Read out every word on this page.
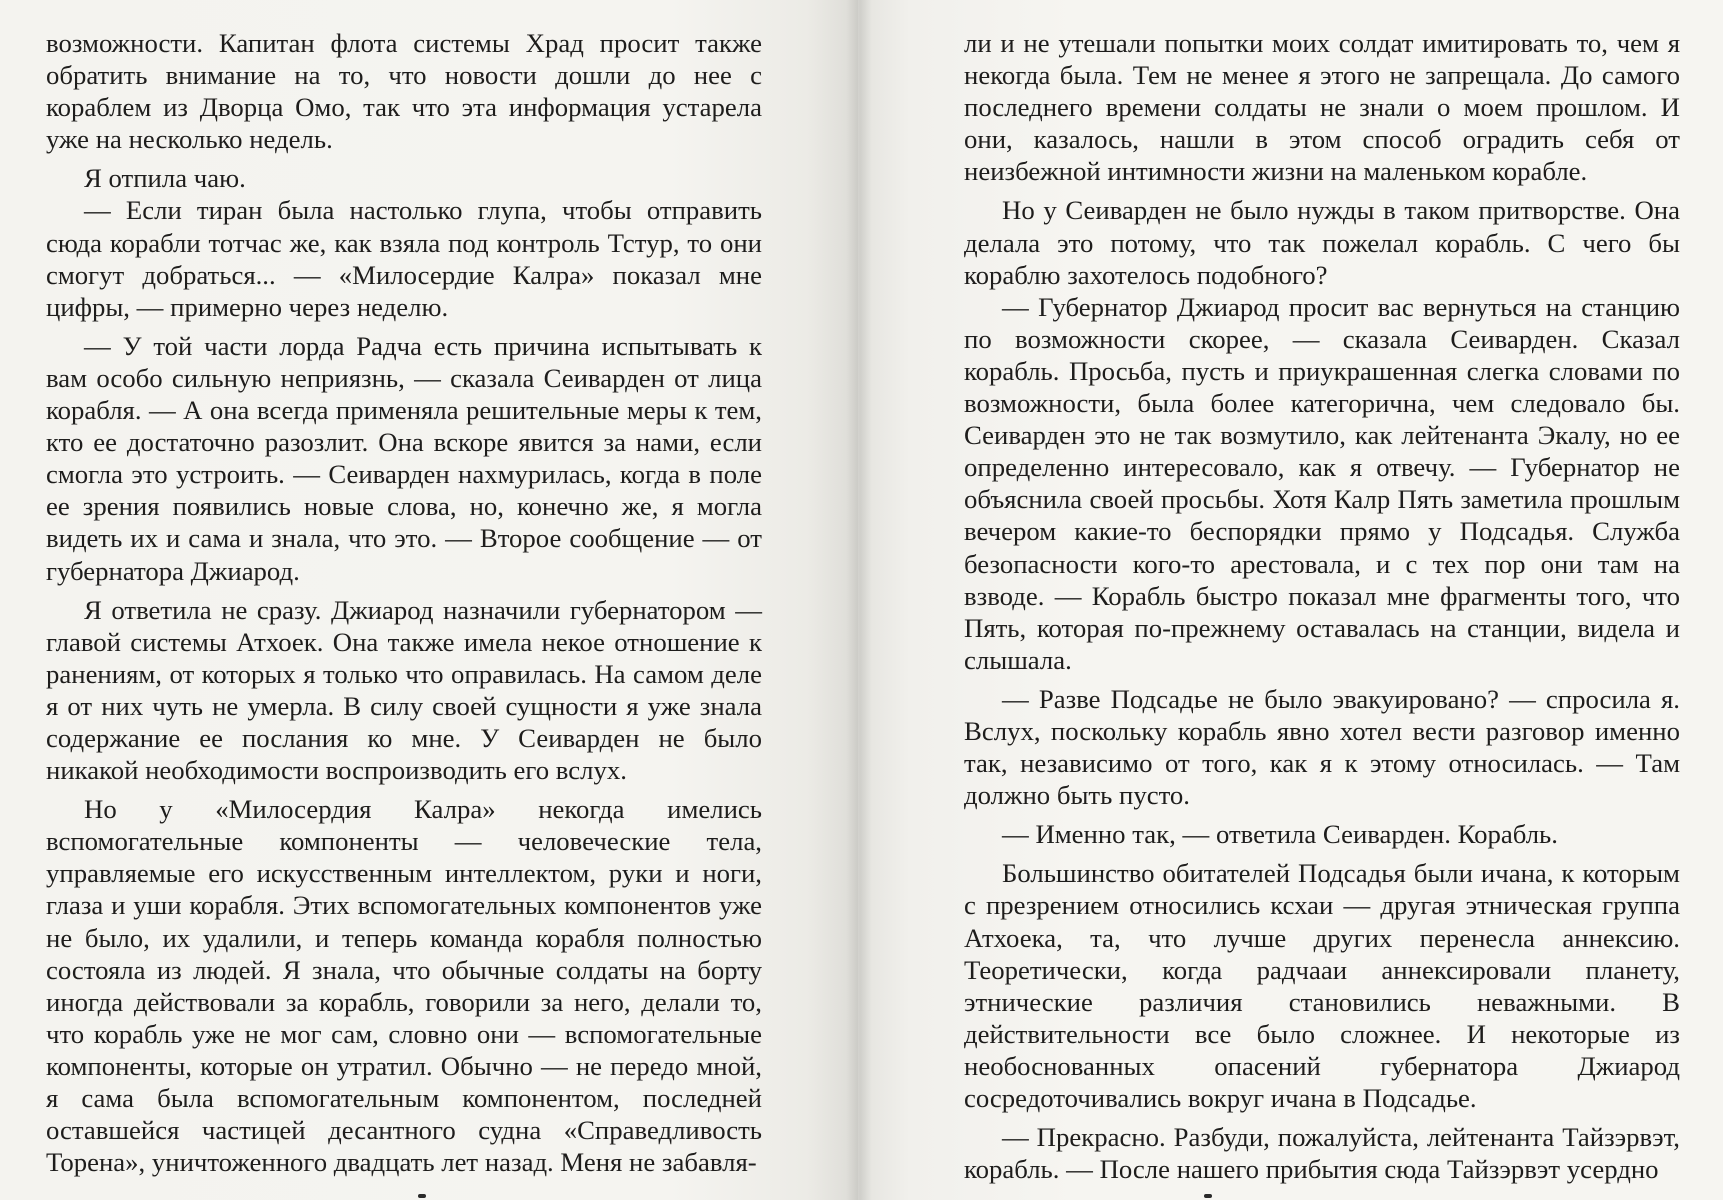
возможности. Капитан флота системы Храд просит также обратить внимание на то, что новости дошли до нее с кораблем из Дворца Омо, так что эта информация устарела уже на несколько недель.

Я отпила чаю.

— Если тиран была настолько глупа, чтобы отправить сюда корабли тотчас же, как взяла под контроль Тстур, то они смогут добраться... — «Милосердие Калра» показал мне цифры, — примерно через неделю.

— У той части лорда Радча есть причина испытывать к вам особо сильную неприязнь, — сказала Сеиварден от лица корабля. — А она всегда применяла решительные меры к тем, кто ее достаточно разозлит. Она вскоре явится за нами, если смогла это устроить. — Сеиварден нахмурилась, когда в поле ее зрения появились новые слова, но, конечно же, я могла видеть их и сама и знала, что это. — Второе сообщение — от губернатора Джиарод.

Я ответила не сразу. Джиарод назначили губернатором — главой системы Атхоек. Она также имела некое отношение к ранениям, от которых я только что оправилась. На самом деле я от них чуть не умерла. В силу своей сущности я уже знала содержание ее послания ко мне. У Сеиварден не было никакой необходимости воспроизводить его вслух.

Но у «Милосердия Калра» некогда имелись вспомогательные компоненты — человеческие тела, управляемые его искусственным интеллектом, руки и ноги, глаза и уши корабля. Этих вспомогательных компонентов уже не было, их удалили, и теперь команда корабля полностью состояла из людей. Я знала, что обычные солдаты на борту иногда действовали за корабль, говорили за него, делали то, что корабль уже не мог сам, словно они — вспомогательные компоненты, которые он утратил. Обычно — не передо мной, я сама была вспомогательным компонентом, последней оставшейся частицей десантного судна «Справедливость Торена», уничтоженного двадцать лет назад. Меня не забавля-

ли и не утешали попытки моих солдат имитировать то, чем я некогда была. Тем не менее я этого не запрещала. До самого последнего времени солдаты не знали о моем прошлом. И они, казалось, нашли в этом способ оградить себя от неизбежной интимности жизни на маленьком корабле.

Но у Сеиварден не было нужды в таком притворстве. Она делала это потому, что так пожелал корабль. С чего бы кораблю захотелось подобного?

— Губернатор Джиарод просит вас вернуться на станцию по возможности скорее, — сказала Сеиварден. Сказал корабль. Просьба, пусть и приукрашенная слегка словами по возможности, была более категорична, чем следовало бы. Сеиварден это не так возмутило, как лейтенанта Экалу, но ее определенно интересовало, как я отвечу. — Губернатор не объяснила своей просьбы. Хотя Калр Пять заметила прошлым вечером какие-то беспорядки прямо у Подсадья. Служба безопасности кого-то арестовала, и с тех пор они там на взводе. — Корабль быстро показал мне фрагменты того, что Пять, которая по-прежнему оставалась на станции, видела и слышала.

— Разве Подсадье не было эвакуировано? — спросила я. Вслух, поскольку корабль явно хотел вести разговор именно так, независимо от того, как я к этому относилась. — Там должно быть пусто.

— Именно так, — ответила Сеиварден. Корабль.

Большинство обитателей Подсадья были ичана, к которым с презрением относились ксхаи — другая этническая группа Атхоека, та, что лучше других перенесла аннексию. Теоретически, когда радчааи аннексировали планету, этнические различия становились неважными. В действительности все было сложнее. И некоторые из необоснованных опасений губернатора Джиарод сосредоточивались вокруг ичана в Подсадье.

— Прекрасно. Разбуди, пожалуйста, лейтенанта Тайзэрвэт, корабль. — После нашего прибытия сюда Тайзэрвэт усердно
